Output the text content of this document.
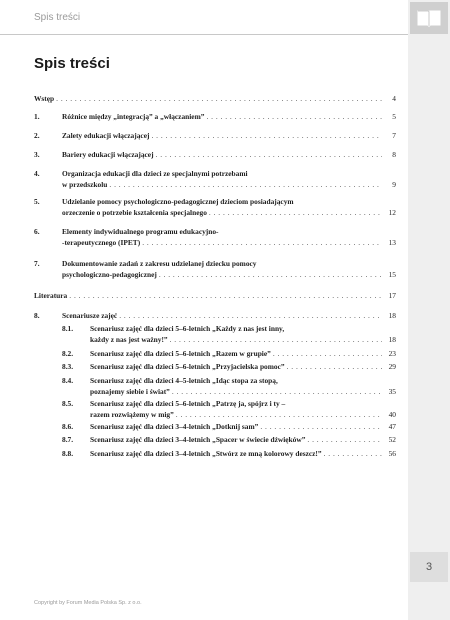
Spis treści
3
Spis treści
Wstęp . . .	4
1.	Różnice między „integracją” a „włączaniem” . . .	5
2.	Zalety edukacji włączającej . . .	7
3.	Bariery edukacji włączającej . . .	8
4.	Organizacja edukacji dla dzieci ze specjalnymi potrzebami
w przedszkolu . . .	9
5.	Udzielanie pomocy psychologiczno-pedagogicznej dzieciom posiadającym
orzeczenie o potrzebie kształcenia specjalnego . . .	12
6.	Elementy indywidualnego programu edukacyjno-
-terapeutycznego (IPET) . . .	13
7.	Dokumentowanie zadań z zakresu udzielanej dziecku pomocy
psychologiczno-pedagogicznej . . .	15
Literatura . . .	17
8.	Scenariusze zajęć . . .	18
8.1. Scenariusz zajęć dla dzieci 5–6-letnich „Każdy z nas jest inny,
każdy z nas jest ważny!” . . .	18
8.2. Scenariusz zajęć dla dzieci 5–6-letnich „Razem w grupie” . . .	23
8.3. Scenariusz zajęć dla dzieci 5–6-letnich „Przyjacielska pomoc” . . .	29
8.4. Scenariusz zajęć dla dzieci 4–5-letnich „Idąc stopa za stopą,
poznajemy siebie i świat” . . .	35
8.5. Scenariusz zajęć dla dzieci 5–6-letnich „Patrzę ja, spójrz i ty –
razem rozwiążemy w mig” . . .	40
8.6. Scenariusz zajęć dla dzieci 3–4-letnich „Dotknij sam” . . .	47
8.7. Scenariusz zajęć dla dzieci 3–4-letnich „Spacer w świecie dźwięków” . . .	52
8.8. Scenariusz zajęć dla dzieci 3–4-letnich „Stwórz ze mną kolorowy deszcz!” . . .	56
Copyright by Forum Media Polska Sp. z o.o.
